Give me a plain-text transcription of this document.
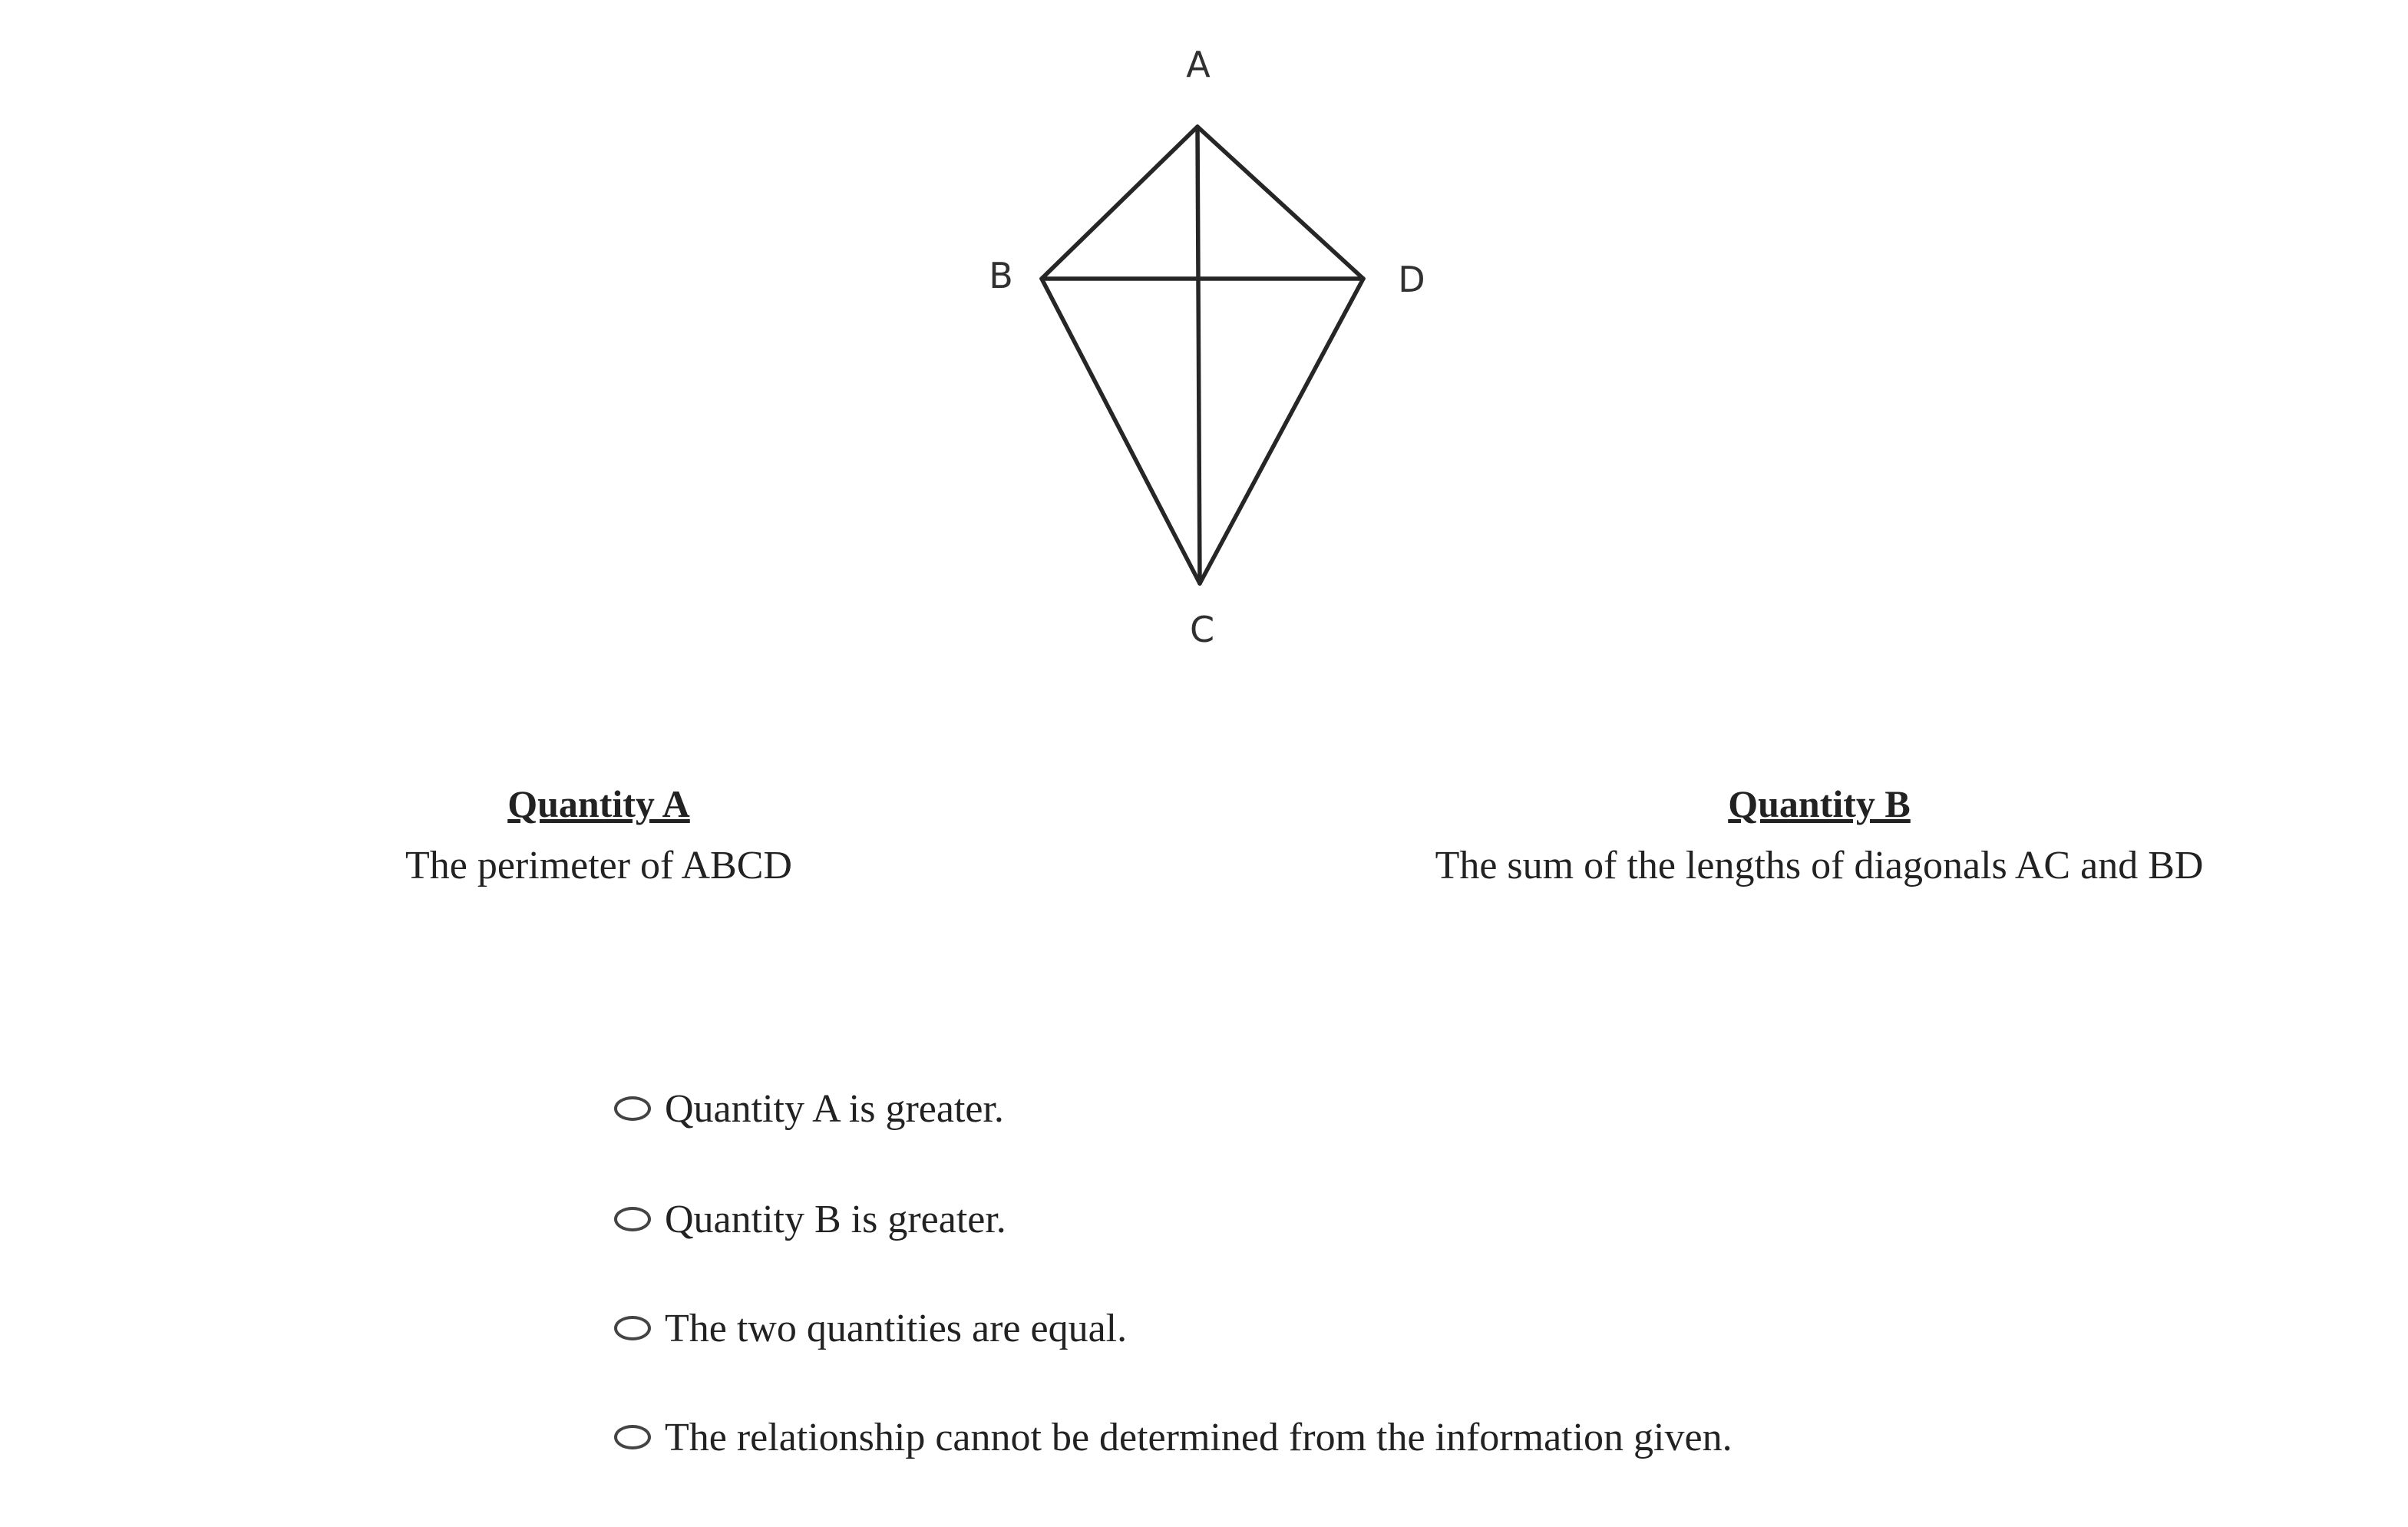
A
B
C
D
Quantity A
The perimeter of ABCD
Quantity B
The sum of the lengths of diagonals AC and BD
Quantity A is greater.
Quantity B is greater.
The two quantities are equal.
The relationship cannot be determined from the information given.
